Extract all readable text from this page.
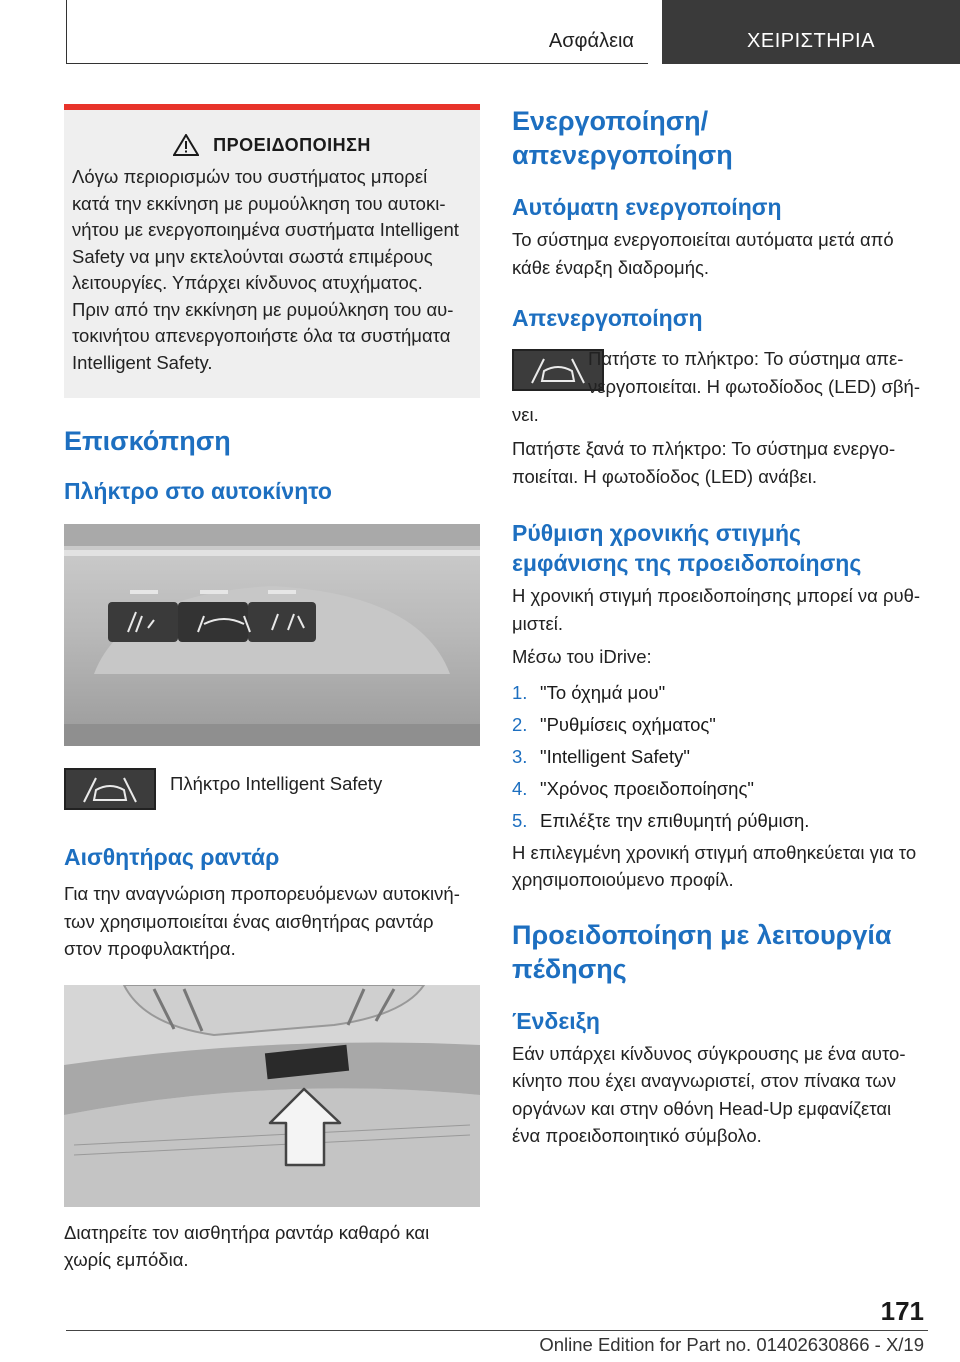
Ασφάλεια	ΧΕΙΡΙΣΤΗΡΙΑ
ΠΡΟΕΙΔΟΠΟΙΗΣΗ
Λόγω περιορισμών του συστήματος μπορεί
κατά την εκκίνηση με ρυμούλκηση του αυτοκι‐
νήτου με ενεργοποιημένα συστήματα Intelligent
Safety να μην εκτελούνται σωστά επιμέρους
λειτουργίες. Υπάρχει κίνδυνος ατυχήματος.
Πριν από την εκκίνηση με ρυμούλκηση του αυ‐
τοκινήτου απενεργοποιήστε όλα τα συστήματα
Intelligent Safety.
Επισκόπηση
Πλήκτρο στο αυτοκίνητο
Πλήκτρο Intelligent Safety
Αισθητήρας ραντάρ
Για την αναγνώριση προπορευόμενων αυτοκινή‐
των χρησιμοποιείται ένας αισθητήρας ραντάρ
στον προφυλακτήρα.
Διατηρείτε τον αισθητήρα ραντάρ καθαρό και
χωρίς εμπόδια.
Ενεργοποίηση/απενεργοποίηση
Αυτόματη ενεργοποίηση
Το σύστημα ενεργοποιείται αυτόματα μετά από
κάθε έναρξη διαδρομής.
Απενεργοποίηση
Πατήστε το πλήκτρο: Το σύστημα απε‐
νεργοποιείται. Η φωτοδίοδος (LED) σβή‐
νει.
Πατήστε ξανά το πλήκτρο: Το σύστημα ενεργο‐
ποιείται. Η φωτοδίοδος (LED) ανάβει.
Ρύθμιση χρονικής στιγμής
εμφάνισης της προειδοποίησης
Η χρονική στιγμή προειδοποίησης μπορεί να ρυθ‐
μιστεί.
Μέσω του iDrive:
1. "Το όχημά μου"
2. "Ρυθμίσεις οχήματος"
3. "Intelligent Safety"
4. "Χρόνος προειδοποίησης"
5. Επιλέξτε την επιθυμητή ρύθμιση.
Η επιλεγμένη χρονική στιγμή αποθηκεύεται για το
χρησιμοποιούμενο προφίλ.
Προειδοποίηση με λειτουργία
πέδησης
Ένδειξη
Εάν υπάρχει κίνδυνος σύγκρουσης με ένα αυτο‐
κίνητο που έχει αναγνωριστεί, στον πίνακα των
οργάνων και στην οθόνη Head-Up εμφανίζεται
ένα προειδοποιητικό σύμβολο.
171
Online Edition for Part no. 01402630866 - X/19
